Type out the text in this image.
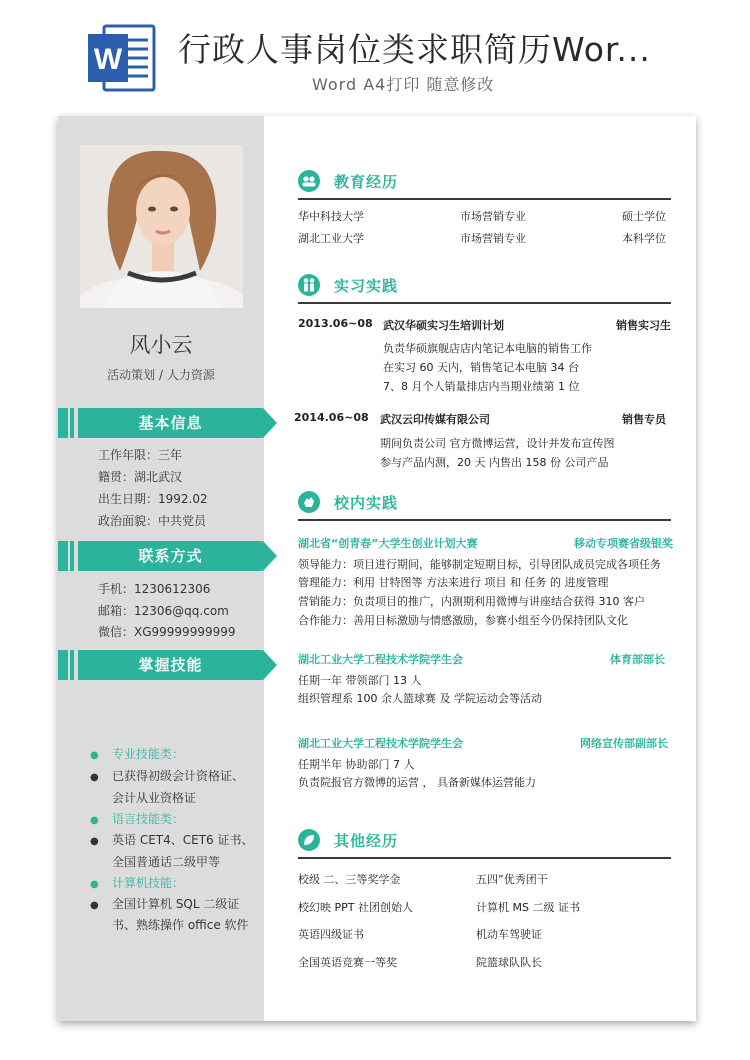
W 行政人事岗位类求职简历Wor...
Word A4打印 随意修改
风小云
活动策划 / 人力资源
基本信息
工作年限：三年
籍贯：湖北武汉
出生日期：1992.02
政治面貌：中共党员
联系方式
手机：1230612306
邮箱：12306@qq.com
微信：XG99999999999
掌握技能
● 专业技能类：
● 已获得初级会计资格证、
会计从业资格证
● 语言技能类：
● 英语 CET4、CET6 证书、
全国普通话二级甲等
● 计算机技能：
● 全国计算机 SQL 二级证
书、熟练操作 office 软件
教育经历
华中科技大学	市场营销专业	硕士学位
湖北工业大学	市场营销专业	本科学位
实习实践
2013.06~08 武汉华硕实习生培训计划	销售实习生
负责华硕旗舰店店内笔记本电脑的销售工作
在实习 60 天内，销售笔记本电脑 34 台
7、8 月个人销量排店内当期业绩第 1 位
2014.06~08 武汉云印传媒有限公司	销售专员
期间负责公司 官方微博运营，设计并发布宣传图
参与产品内测，20 天 内售出 158 份 公司产品
校内实践
湖北省“创青春”大学生创业计划大赛	移动专项赛省级银奖
领导能力：项目进行期间，能够制定短期目标，引导团队成员完成各项任务
管理能力：利用 甘特图等 方法来进行 项目 和 任务 的 进度管理
营销能力：负责项目的推广，内测期利用微博与讲座结合获得 310 客户
合作能力：善用目标激励与情感激励，参赛小组至今仍保持团队文化
湖北工业大学工程技术学院学生会	体育部部长
任期一年 带领部门 13 人
组织管理系 100 余人篮球赛 及 学院运动会等活动
湖北工业大学工程技术学院学生会	网络宣传部副部长
任期半年 协助部门 7 人
负责院报官方微博的运营 ， 具备新媒体运营能力
其他经历
校级 二、三等奖学金	五四”优秀团干
校幻映 PPT 社团创始人	计算机 MS 二级 证书
英语四级证书	机动车驾驶证
全国英语竞赛一等奖	院篮球队队长
